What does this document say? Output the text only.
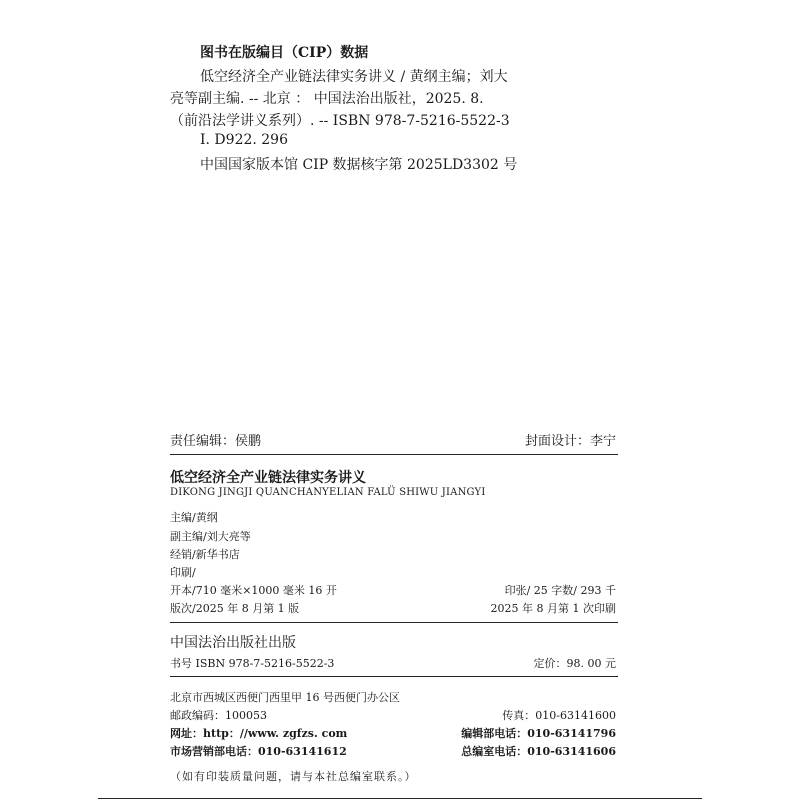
图书在版编目（CIP）数据
低空经济全产业链法律实务讲义 / 黄纲主编；刘大
亮等副主编. -- 北京 ： 中国法治出版社，2025. 8.
（前沿法学讲义系列）. -- ISBN 978-7-5216-5522-3
Ⅰ. D922. 296
中国国家版本馆 CIP 数据核字第 2025LD3302 号
责任编辑：侯鹏	封面设计：李宁
低空经济全产业链法律实务讲义
DIKONG JINGJI QUANCHANYELIAN FALÜ SHIWU JIANGYI
主编/黄纲
副主编/刘大亮等
经销/新华书店
印刷/
开本/710 毫米×1000 毫米 16 开	印张/ 25 字数/ 293 千
版次/2025 年 8 月第 1 版	2025 年 8 月第 1 次印刷
中国法治出版社出版
书号 ISBN 978-7-5216-5522-3	定价：98. 00 元
北京市西城区西便门西里甲 16 号西便门办公区
邮政编码：100053	传真：010-63141600
网址：http：//www. zgfzs. com	编辑部电话：010-63141796
市场营销部电话：010-63141612	总编室电话：010-63141606
（如有印装质量问题，请与本社总编室联系。）
